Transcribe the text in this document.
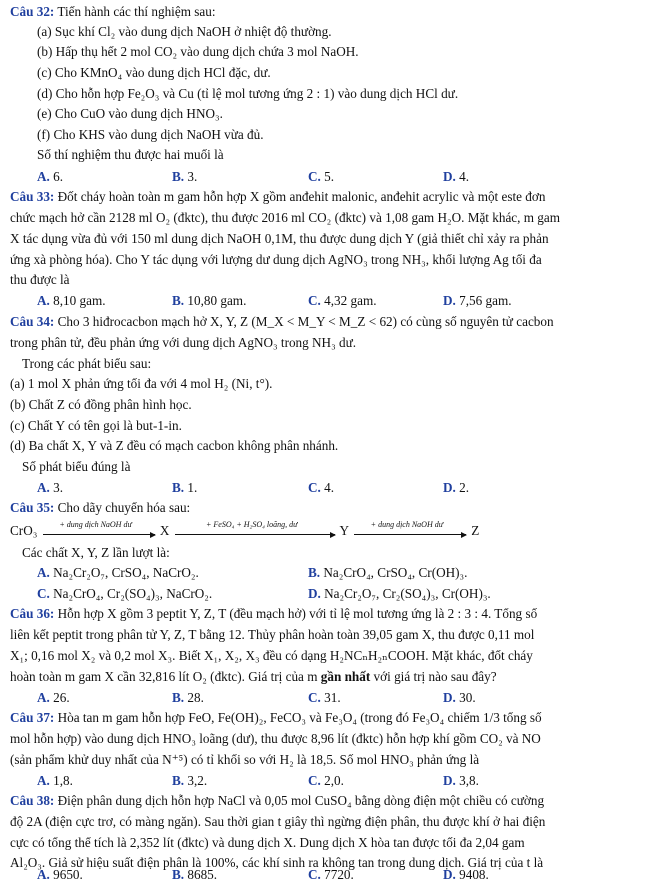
Câu 32: Tiến hành các thí nghiệm sau:
(a) Sục khí Cl₂ vào dung dịch NaOH ở nhiệt độ thường.
(b) Hấp thụ hết 2 mol CO₂ vào dung dịch chứa 3 mol NaOH.
(c) Cho KMnO₄ vào dung dịch HCl đặc, dư.
(d) Cho hỗn hợp Fe₂O₃ và Cu (tỉ lệ mol tương ứng 2 : 1) vào dung dịch HCl dư.
(e) Cho CuO vào dung dịch HNO₃.
(f) Cho KHS vào dung dịch NaOH vừa đủ.
Số thí nghiệm thu được hai muối là
A. 6.	B. 3.	C. 5.	D. 4.
Câu 33: Đốt cháy hoàn toàn m gam hỗn hợp X gồm anđehit malonic, anđehit acrylic và một este đơn
chức mạch hở cần 2128 ml O₂ (đktc), thu được 2016 ml CO₂ (đktc) và 1,08 gam H₂O. Mặt khác, m gam
X tác dụng vừa đủ với 150 ml dung dịch NaOH 0,1M, thu được dung dịch Y (giả thiết chỉ xảy ra phản
ứng xà phòng hóa). Cho Y tác dụng với lượng dư dung dịch AgNO₃ trong NH₃, khối lượng Ag tối đa
thu được là
A. 8,10 gam.	B. 10,80 gam.	C. 4,32 gam.	D. 7,56 gam.
Câu 34: Cho 3 hiđrocacbon mạch hở X, Y, Z (M_X < M_Y < M_Z < 62) có cùng số nguyên tử cacbon
trong phân tử, đều phản ứng với dung dịch AgNO₃ trong NH₃ dư.
Trong các phát biểu sau:
(a) 1 mol X phản ứng tối đa với 4 mol H₂ (Ni, t°).
(b) Chất Z có đồng phân hình học.
(c) Chất Y có tên gọi là but-1-in.
(d) Ba chất X, Y và Z đều có mạch cacbon không phân nhánh.
Số phát biểu đúng là
A. 3.	B. 1.	C. 4.	D. 2.
Câu 35: Cho dãy chuyển hóa sau:
CrO₃	+ dung dịch NaOH dư	X	+ FeSO₄ + H₂SO₄ loãng, dư	Y	+ dung dịch NaOH dư	Z
Các chất X, Y, Z lần lượt là:
A. Na₂Cr₂O₇, CrSO₄, NaCrO₂.	B. Na₂CrO₄, CrSO₄, Cr(OH)₃.
C. Na₂CrO₄, Cr₂(SO₄)₃, NaCrO₂.	D. Na₂Cr₂O₇, Cr₂(SO₄)₃, Cr(OH)₃.
Câu 36: Hỗn hợp X gồm 3 peptit Y, Z, T (đều mạch hở) với tỉ lệ mol tương ứng là 2 : 3 : 4. Tổng số
liên kết peptit trong phân tử Y, Z, T bằng 12. Thủy phân hoàn toàn 39,05 gam X, thu được 0,11 mol
X₁; 0,16 mol X₂ và 0,2 mol X₃. Biết X₁, X₂, X₃ đều có dạng H₂NCₙH₂ₙCOOH. Mặt khác, đốt cháy
hoàn toàn m gam X cần 32,816 lít O₂ (đktc). Giá trị của m gần nhất với giá trị nào sau đây?
A. 26.	B. 28.	C. 31.	D. 30.
Câu 37: Hòa tan m gam hỗn hợp FeO, Fe(OH)₂, FeCO₃ và Fe₃O₄ (trong đó Fe₃O₄ chiếm 1/3 tổng số
mol hỗn hợp) vào dung dịch HNO₃ loãng (dư), thu được 8,96 lít (đktc) hỗn hợp khí gồm CO₂ và NO
(sản phẩm khử duy nhất của N⁺⁵) có tỉ khối so với H₂ là 18,5. Số mol HNO₃ phản ứng là
A. 1,8.	B. 3,2.	C. 2,0.	D. 3,8.
Câu 38: Điện phân dung dịch hỗn hợp NaCl và 0,05 mol CuSO₄ bằng dòng điện một chiều có cường
độ 2A (điện cực trơ, có màng ngăn). Sau thời gian t giây thì ngừng điện phân, thu được khí ở hai điện
cực có tổng thể tích là 2,352 lít (đktc) và dung dịch X. Dung dịch X hòa tan được tối đa 2,04 gam
Al₂O₃. Giả sử hiệu suất điện phân là 100%, các khí sinh ra không tan trong dung dịch. Giá trị của t là
A. 9650.	B. 8685.	C. 7720.	D. 9408.
